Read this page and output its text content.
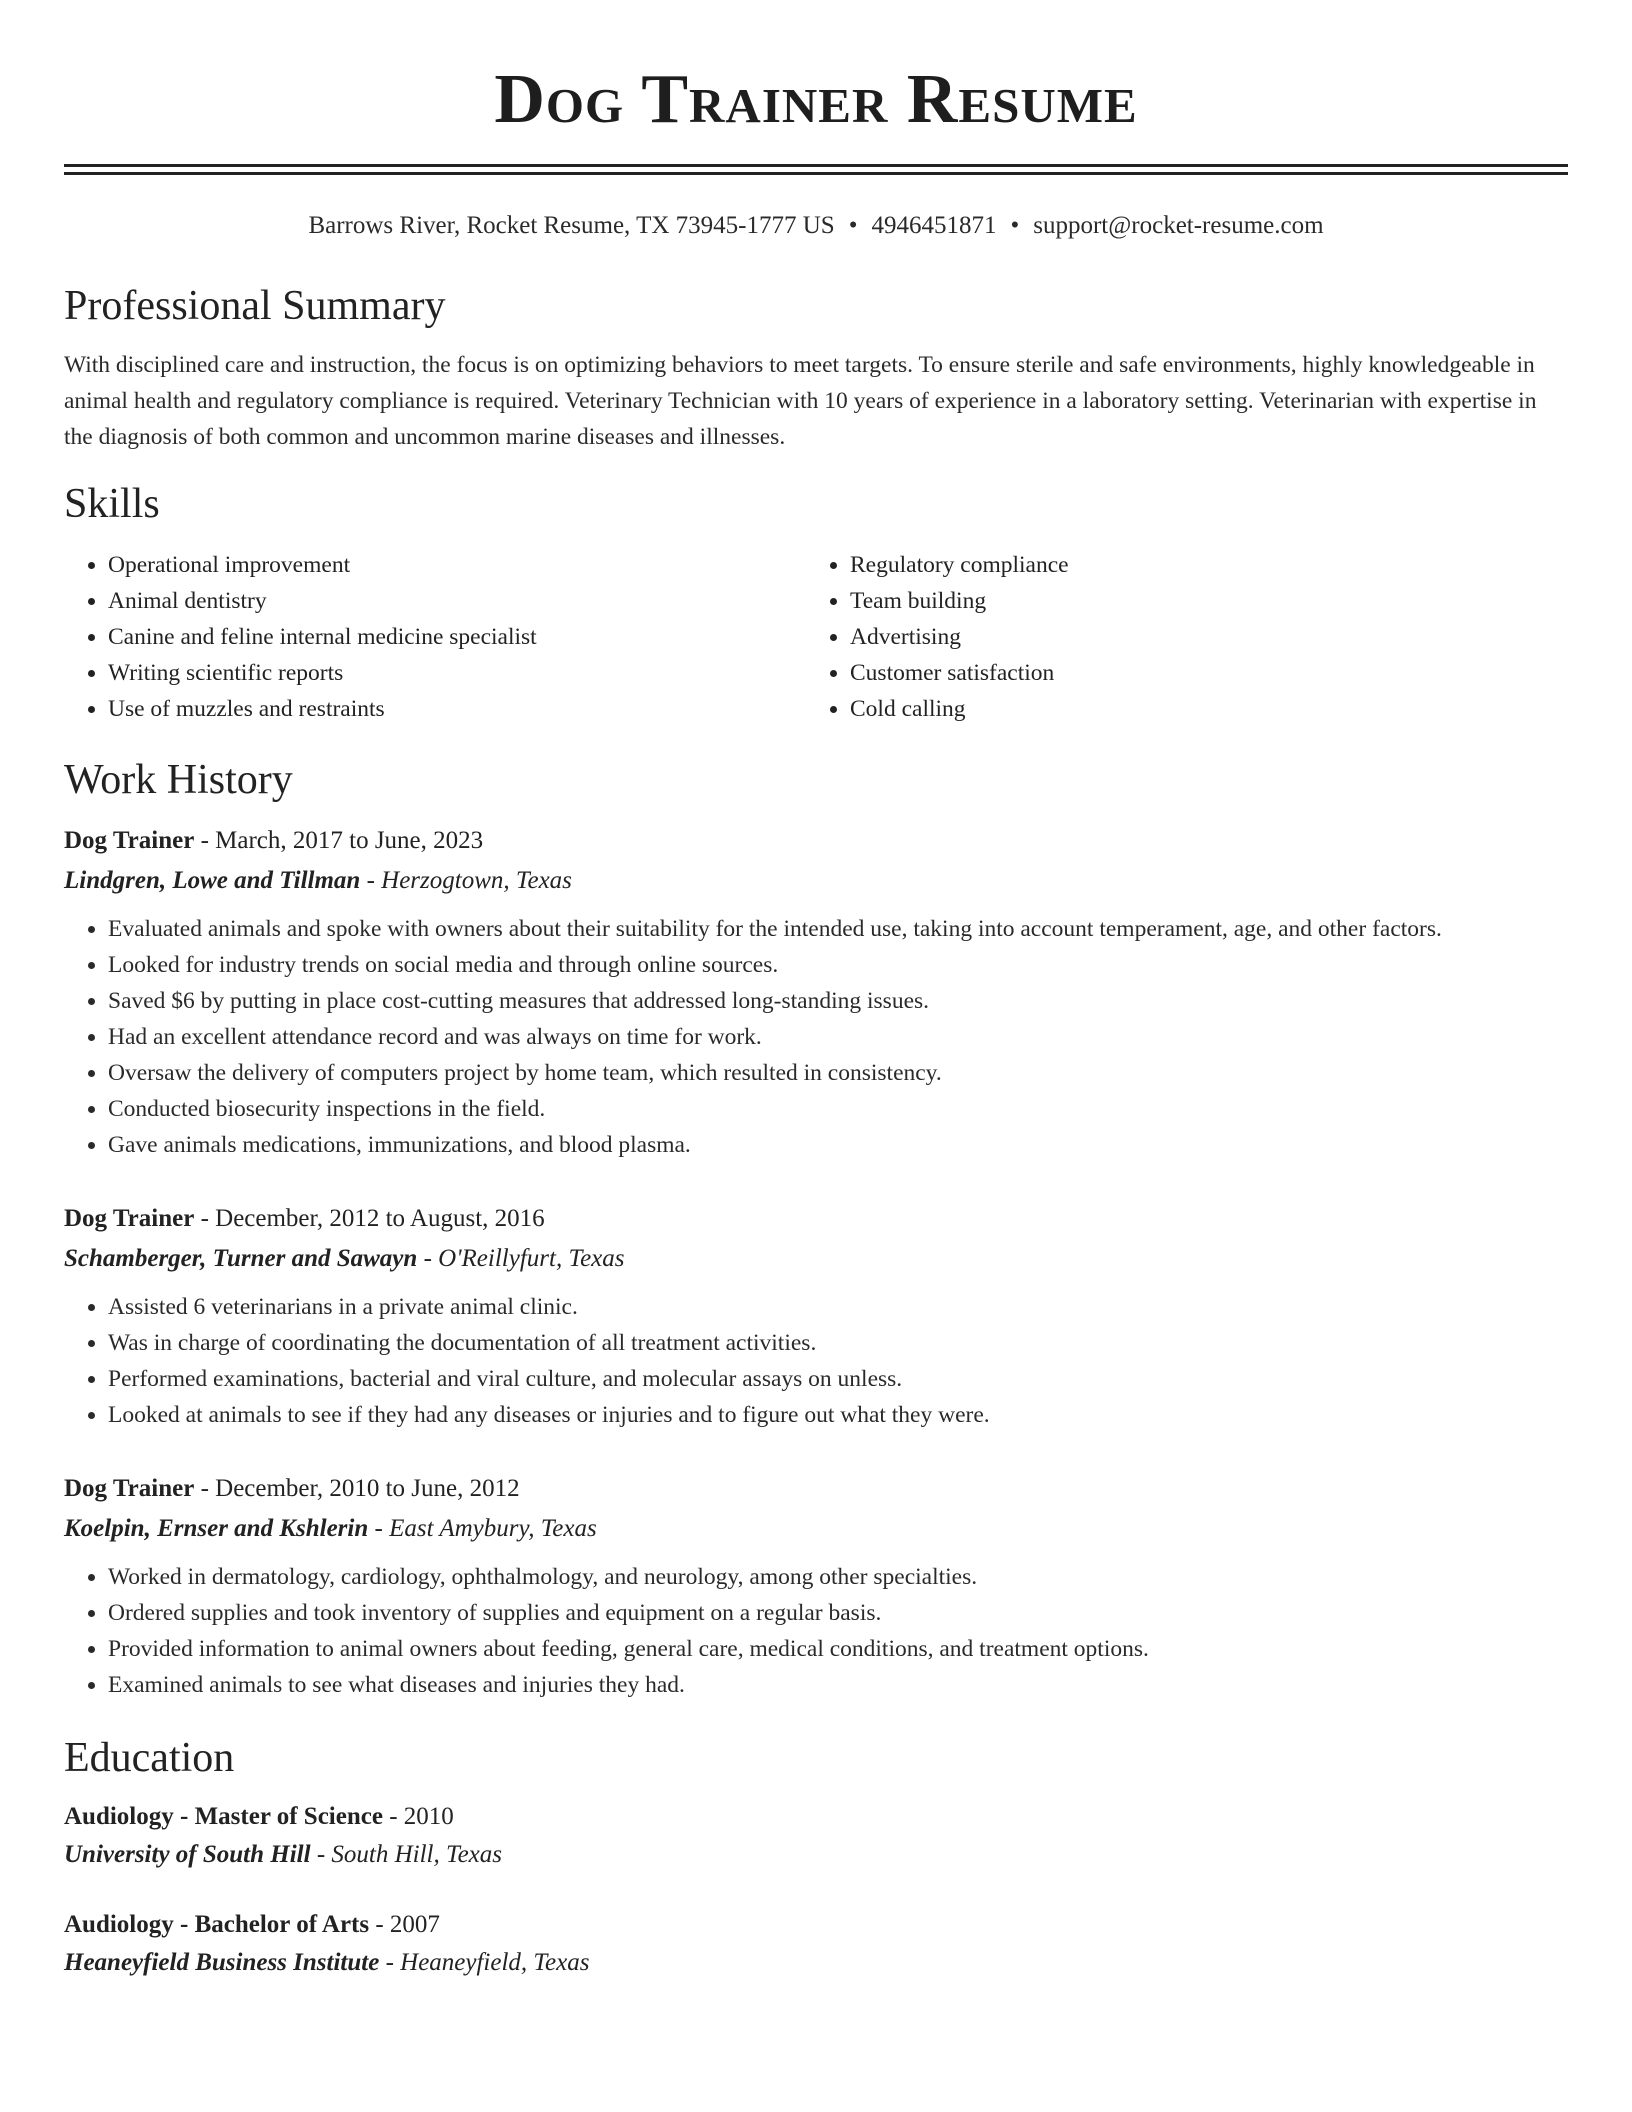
Dog Trainer Resume
Barrows River, Rocket Resume, TX 73945-1777 US • 4946451871 • support@rocket-resume.com
Professional Summary
With disciplined care and instruction, the focus is on optimizing behaviors to meet targets. To ensure sterile and safe environments, highly knowledgeable in animal health and regulatory compliance is required. Veterinary Technician with 10 years of experience in a laboratory setting. Veterinarian with expertise in the diagnosis of both common and uncommon marine diseases and illnesses.
Skills
• Operational improvement
• Animal dentistry
• Canine and feline internal medicine specialist
• Writing scientific reports
• Use of muzzles and restraints
• Regulatory compliance
• Team building
• Advertising
• Customer satisfaction
• Cold calling
Work History
Dog Trainer - March, 2017 to June, 2023
Lindgren, Lowe and Tillman - Herzogtown, Texas
• Evaluated animals and spoke with owners about their suitability for the intended use, taking into account temperament, age, and other factors.
• Looked for industry trends on social media and through online sources.
• Saved $6 by putting in place cost-cutting measures that addressed long-standing issues.
• Had an excellent attendance record and was always on time for work.
• Oversaw the delivery of computers project by home team, which resulted in consistency.
• Conducted biosecurity inspections in the field.
• Gave animals medications, immunizations, and blood plasma.
Dog Trainer - December, 2012 to August, 2016
Schamberger, Turner and Sawayn - O'Reillyfurt, Texas
• Assisted 6 veterinarians in a private animal clinic.
• Was in charge of coordinating the documentation of all treatment activities.
• Performed examinations, bacterial and viral culture, and molecular assays on unless.
• Looked at animals to see if they had any diseases or injuries and to figure out what they were.
Dog Trainer - December, 2010 to June, 2012
Koelpin, Ernser and Kshlerin - East Amybury, Texas
• Worked in dermatology, cardiology, ophthalmology, and neurology, among other specialties.
• Ordered supplies and took inventory of supplies and equipment on a regular basis.
• Provided information to animal owners about feeding, general care, medical conditions, and treatment options.
• Examined animals to see what diseases and injuries they had.
Education
Audiology - Master of Science - 2010
University of South Hill - South Hill, Texas
Audiology - Bachelor of Arts - 2007
Heaneyfield Business Institute - Heaneyfield, Texas
